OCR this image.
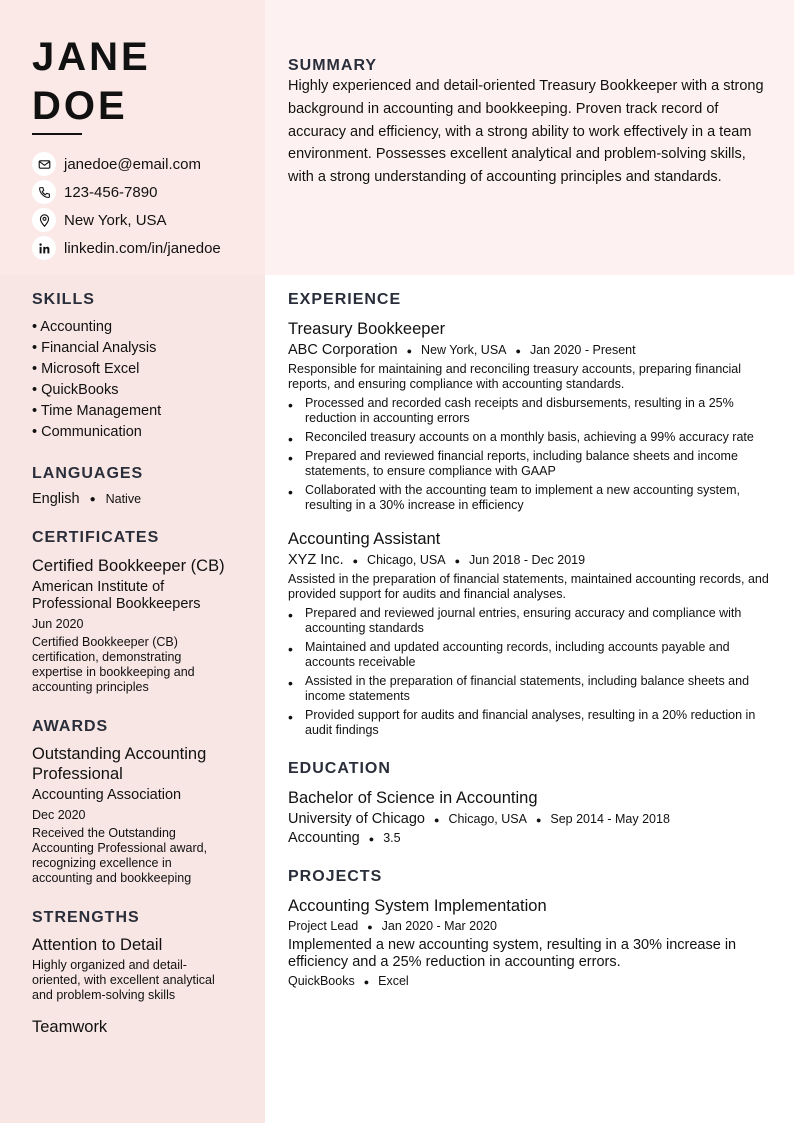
JANE
DOE
janedoe@email.com
123-456-7890
New York, USA
linkedin.com/in/janedoe
SUMMARY

Highly experienced and detail-oriented Treasury Bookkeeper with a strong background in accounting and bookkeeping. Proven track record of accuracy and efficiency, with a strong ability to work effectively in a team environment. Possesses excellent analytical and problem-solving skills, with a strong understanding of accounting principles and standards.

SKILLS
• Accounting
• Financial Analysis
• Microsoft Excel
• QuickBooks
• Time Management
• Communication
LANGUAGES
English ● Native
CERTIFICATES
Certified Bookkeeper (CB)
American Institute of Professional Bookkeepers
Jun 2020
Certified Bookkeeper (CB) certification, demonstrating expertise in bookkeeping and accounting principles
AWARDS
Outstanding Accounting Professional
Accounting Association
Dec 2020
Received the Outstanding Accounting Professional award, recognizing excellence in accounting and bookkeeping
STRENGTHS
Attention to Detail
Highly organized and detail-oriented, with excellent analytical and problem-solving skills
Teamwork
EXPERIENCE
Treasury Bookkeeper
ABC Corporation ● New York, USA ● Jan 2020 - Present
Responsible for maintaining and reconciling treasury accounts, preparing financial reports, and ensuring compliance with accounting standards.
• Processed and recorded cash receipts and disbursements, resulting in a 25% reduction in accounting errors
• Reconciled treasury accounts on a monthly basis, achieving a 99% accuracy rate
• Prepared and reviewed financial reports, including balance sheets and income statements, to ensure compliance with GAAP
• Collaborated with the accounting team to implement a new accounting system, resulting in a 30% increase in efficiency
Accounting Assistant
XYZ Inc. ● Chicago, USA ● Jun 2018 - Dec 2019
Assisted in the preparation of financial statements, maintained accounting records, and provided support for audits and financial analyses.
• Prepared and reviewed journal entries, ensuring accuracy and compliance with accounting standards
• Maintained and updated accounting records, including accounts payable and accounts receivable
• Assisted in the preparation of financial statements, including balance sheets and income statements
• Provided support for audits and financial analyses, resulting in a 20% reduction in audit findings
EDUCATION
Bachelor of Science in Accounting
University of Chicago ● Chicago, USA ● Sep 2014 - May 2018
Accounting ● 3.5
PROJECTS
Accounting System Implementation
Project Lead ● Jan 2020 - Mar 2020
Implemented a new accounting system, resulting in a 30% increase in efficiency and a 25% reduction in accounting errors.
QuickBooks ● Excel
